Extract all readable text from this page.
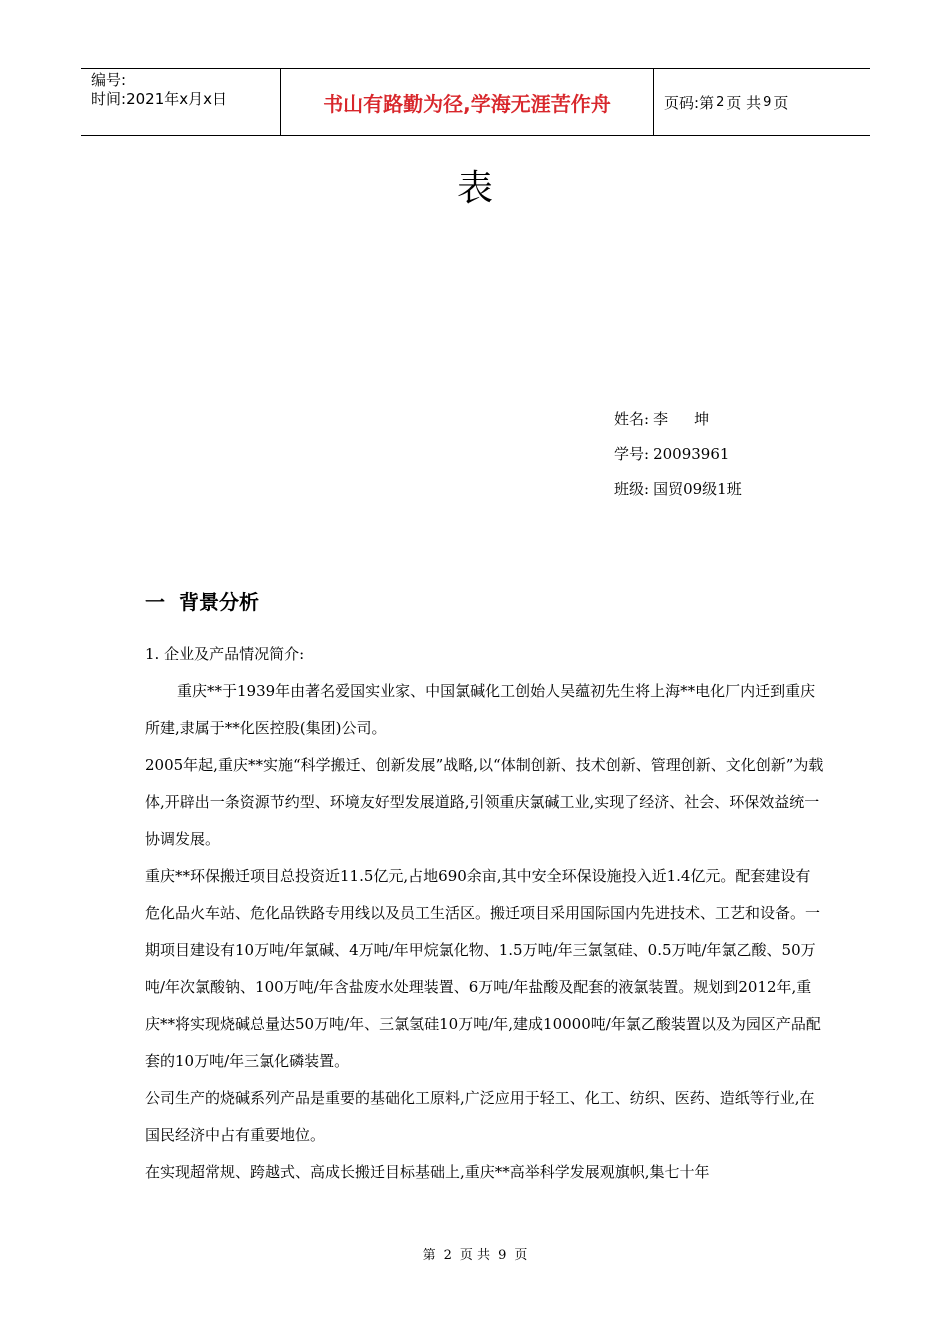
编号:
时间:2021年x月x日	书山有路勤为径,学海无涯苦作舟	页码: 第 2 页 共 9 页
表
姓名: 李坤
学号: 20093961
班级: 国贸09级1班
一 背景分析

1. 企业及产品情况简介:

重庆**于1939年由著名爱国实业家、中国氯碱化工创始人吴蕴初先生将上海**电化厂内迁到重庆所建,隶属于**化医控股(集团)公司。

2005年起,重庆**实施“科学搬迁、创新发展”战略,以“体制创新、技术创新、管理创新、文化创新”为载体,开辟出一条资源节约型、环境友好型发展道路,引领重庆氯碱工业,实现了经济、社会、环保效益统一协调发展。

重庆**环保搬迁项目总投资近11.5亿元,占地690余亩,其中安全环保设施投入近1.4亿元。配套建设有危化品火车站、危化品铁路专用线以及员工生活区。搬迁项目采用国际国内先进技术、工艺和设备。一期项目建设有10万吨/年氯碱、4万吨/年甲烷氯化物、1.5万吨/年三氯氢硅、0.5万吨/年氯乙酸、50万吨/年次氯酸钠、100万吨/年含盐废水处理装置、6万吨/年盐酸及配套的液氯装置。规划到2012年,重庆**将实现烧碱总量达50万吨/年、三氯氢硅10万吨/年,建成10000吨/年氯乙酸装置以及为园区产品配套的10万吨/年三氯化磷装置。

公司生产的烧碱系列产品是重要的基础化工原料,广泛应用于轻工、化工、纺织、医药、造纸等行业,在国民经济中占有重要地位。

在实现超常规、跨越式、高成长搬迁目标基础上,重庆**高举科学发展观旗帜,集七十年

第 2 页 共 9 页
